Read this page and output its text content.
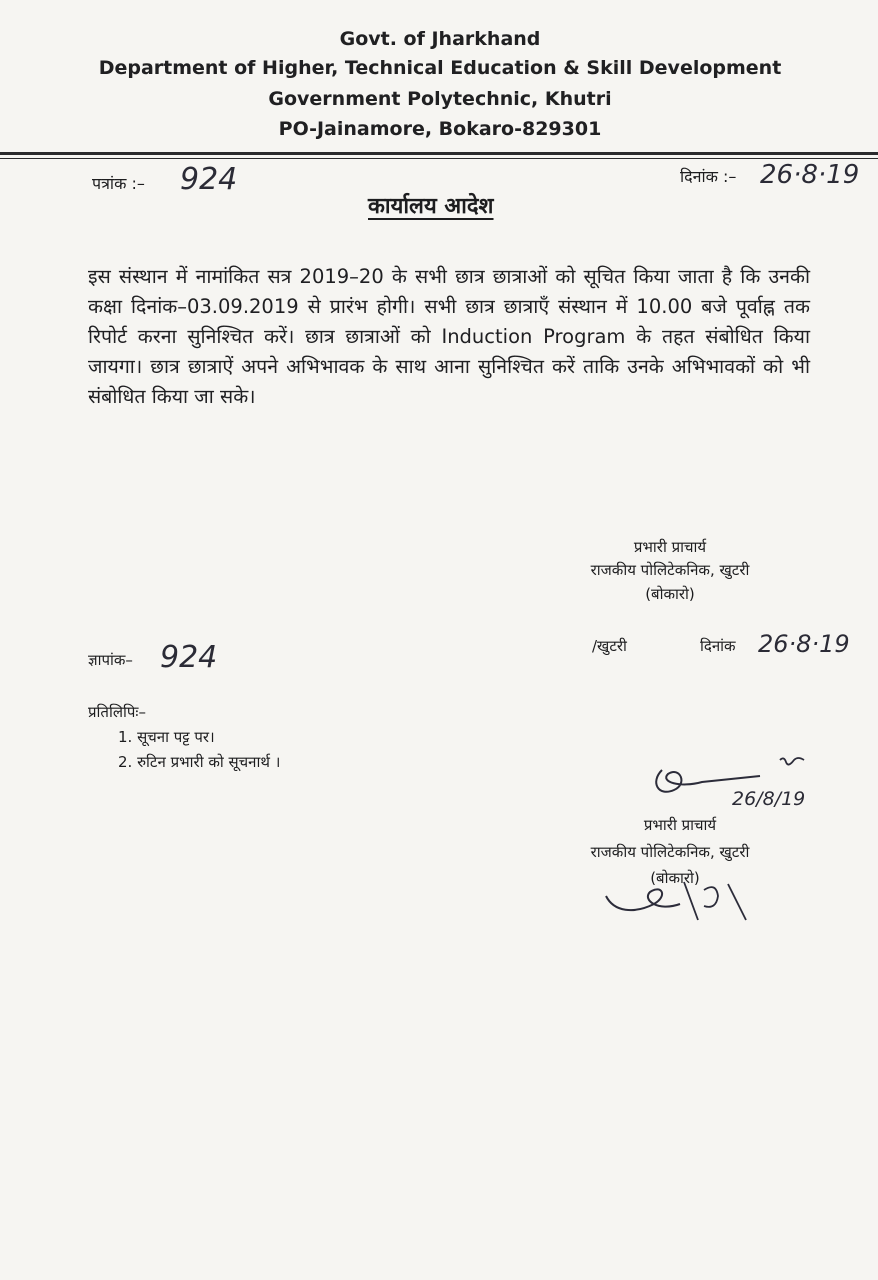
Govt. of Jharkhand
Department of Higher, Technical Education & Skill Development
Government Polytechnic, Khutri
PO-Jainamore, Bokaro-829301
पत्रांक :– 924	दिनांक :– 26·8·19
कार्यालय आदेश
इस संस्थान में नामांकित सत्र 2019–20 के सभी छात्र छात्राओं को सूचित किया जाता है कि उनकी कक्षा दिनांक–03.09.2019 से प्रारंभ होगी। सभी छात्र छात्राएँ संस्थान में 10.00 बजे पूर्वाह्न तक रिपोर्ट करना सुनिश्चित करें। छात्र छात्राओं को Induction Program के तहत संबोधित किया जायगा। छात्र छात्राऐं अपने अभिभावक के साथ आना सुनिश्चित करें ताकि उनके अभिभावकों को भी संबोधित किया जा सके।
प्रभारी प्राचार्य
राजकीय पोलिटेकनिक, खुटरी
(बोकारो)
ज्ञापांक– 924	/खुटरी	दिनांक 26·8·19
प्रतिलिपिः–
1. सूचना पट्ट पर।
2. रुटिन प्रभारी को सूचनार्थ ।
26/8/19
प्रभारी प्राचार्य
राजकीय पोलिटेकनिक, खुटरी
(बोकारो)
